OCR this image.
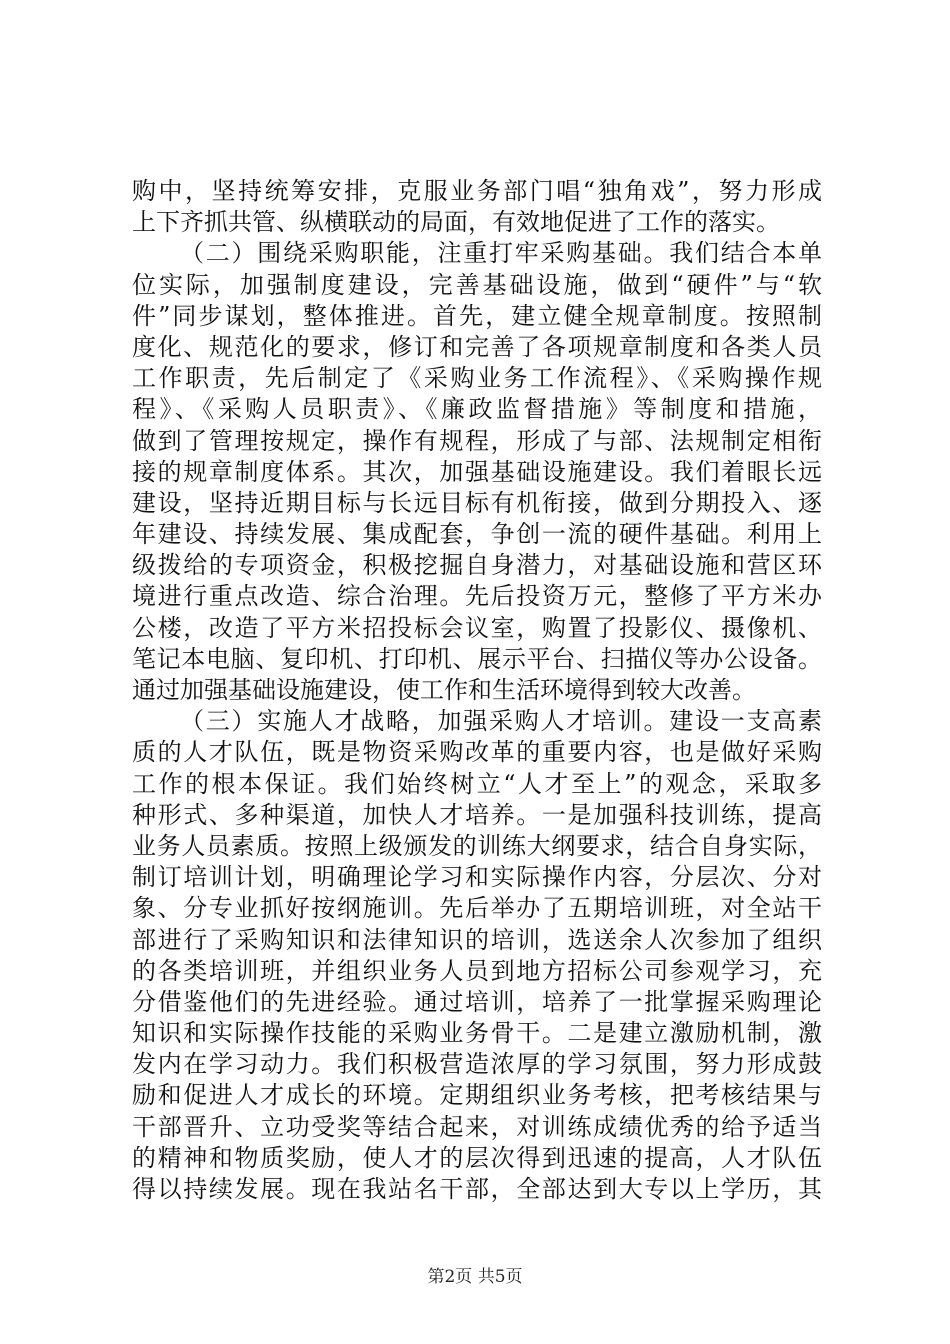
购中，坚持统筹安排，克服业务部门唱“独角戏”，努力形成
上下齐抓共管、纵横联动的局面，有效地促进了工作的落实。
（二）围绕采购职能，注重打牢采购基础。我们结合本单
位实际，加强制度建设，完善基础设施，做到“硬件”与“软
件”同步谋划，整体推进。首先，建立健全规章制度。按照制
度化、规范化的要求，修订和完善了各项规章制度和各类人员
工作职责，先后制定了《采购业务工作流程》、《采购操作规
程》、《采购人员职责》、《廉政监督措施》等制度和措施，
做到了管理按规定，操作有规程，形成了与部、法规制定相衔
接的规章制度体系。其次，加强基础设施建设。我们着眼长远
建设，坚持近期目标与长远目标有机衔接，做到分期投入、逐
年建设、持续发展、集成配套，争创一流的硬件基础。利用上
级拨给的专项资金，积极挖掘自身潜力，对基础设施和营区环
境进行重点改造、综合治理。先后投资万元，整修了平方米办
公楼，改造了平方米招投标会议室，购置了投影仪、摄像机、
笔记本电脑、复印机、打印机、展示平台、扫描仪等办公设备。
通过加强基础设施建设，使工作和生活环境得到较大改善。
（三）实施人才战略，加强采购人才培训。建设一支高素
质的人才队伍，既是物资采购改革的重要内容，也是做好采购
工作的根本保证。我们始终树立“人才至上”的观念，采取多
种形式、多种渠道，加快人才培养。一是加强科技训练，提高
业务人员素质。按照上级颁发的训练大纲要求，结合自身实际，
制订培训计划，明确理论学习和实际操作内容，分层次、分对
象、分专业抓好按纲施训。先后举办了五期培训班，对全站干
部进行了采购知识和法律知识的培训，选送余人次参加了组织
的各类培训班，并组织业务人员到地方招标公司参观学习，充
分借鉴他们的先进经验。通过培训，培养了一批掌握采购理论
知识和实际操作技能的采购业务骨干。二是建立激励机制，激
发内在学习动力。我们积极营造浓厚的学习氛围，努力形成鼓
励和促进人才成长的环境。定期组织业务考核，把考核结果与
干部晋升、立功受奖等结合起来，对训练成绩优秀的给予适当
的精神和物质奖励，使人才的层次得到迅速的提高，人才队伍
得以持续发展。现在我站名干部，全部达到大专以上学历，其
第2页 共5页
